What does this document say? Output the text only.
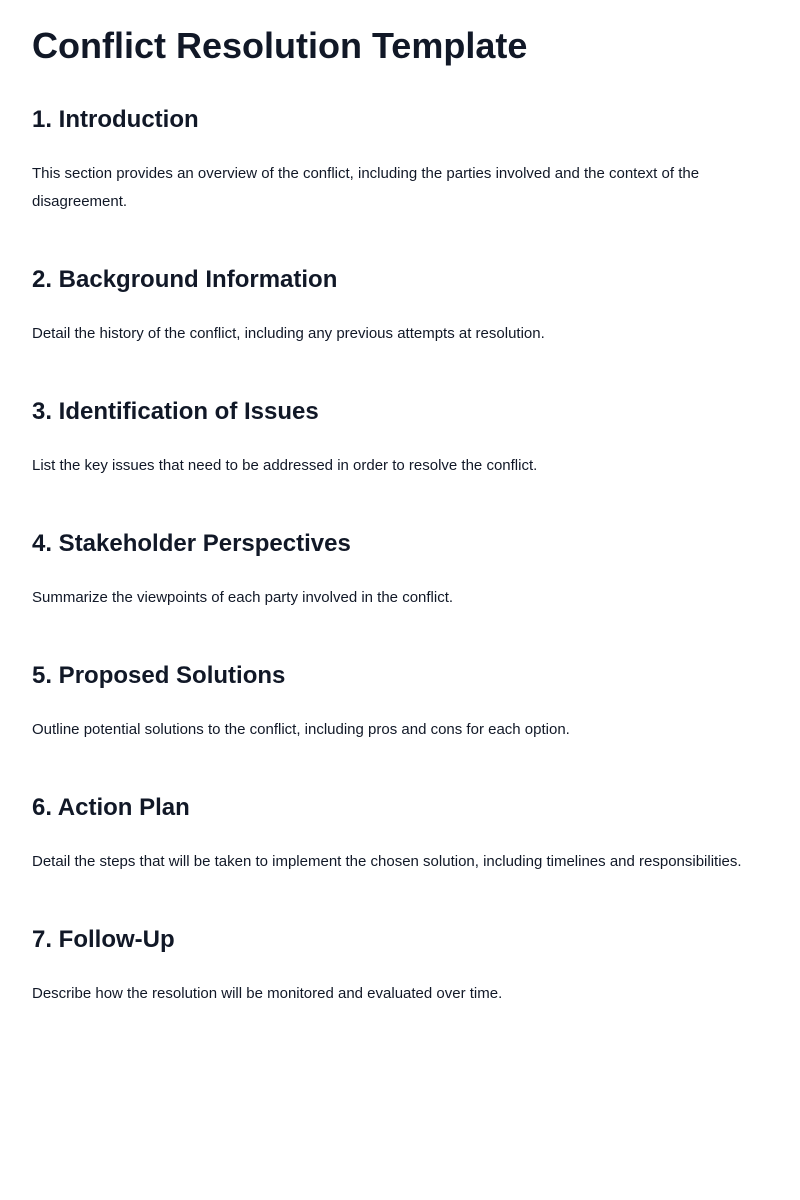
Conflict Resolution Template
1. Introduction

This section provides an overview of the conflict, including the parties involved and the context of the disagreement.

2. Background Information

Detail the history of the conflict, including any previous attempts at resolution.

3. Identification of Issues

List the key issues that need to be addressed in order to resolve the conflict.

4. Stakeholder Perspectives

Summarize the viewpoints of each party involved in the conflict.

5. Proposed Solutions

Outline potential solutions to the conflict, including pros and cons for each option.

6. Action Plan

Detail the steps that will be taken to implement the chosen solution, including timelines and responsibilities.

7. Follow-Up

Describe how the resolution will be monitored and evaluated over time.
